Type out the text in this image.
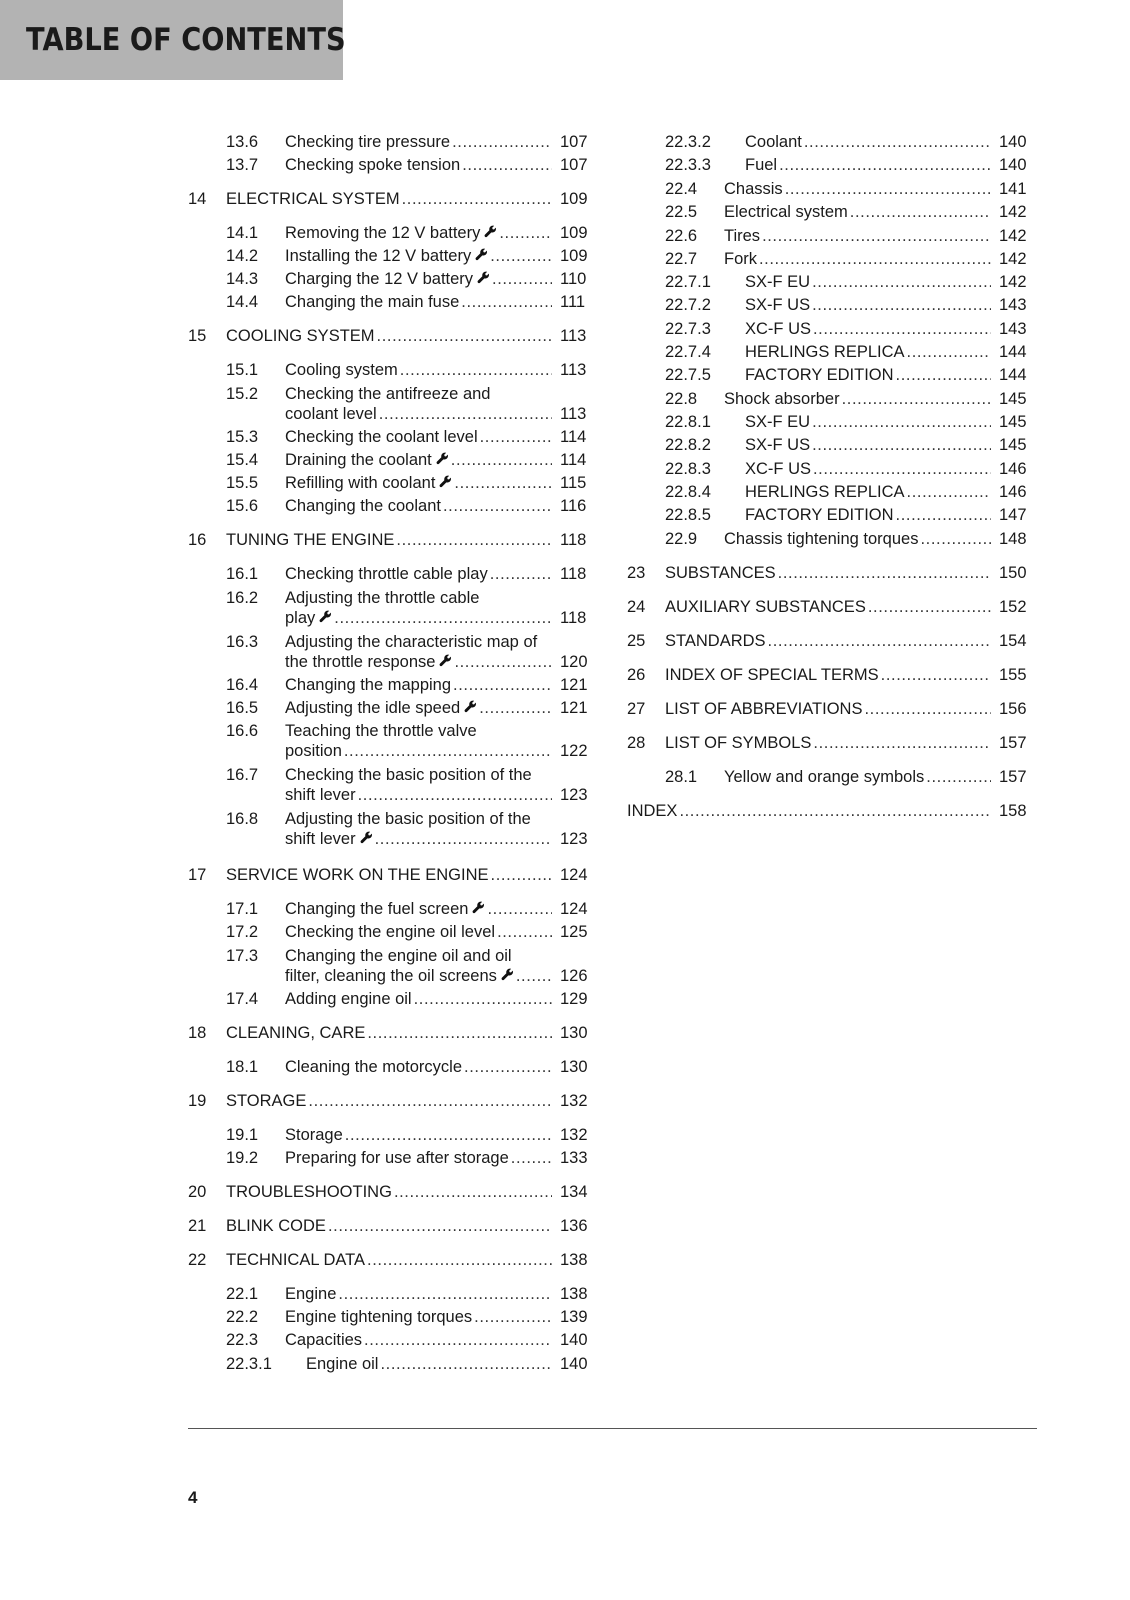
TABLE OF CONTENTS
13.6 Checking tire pressure .....	107
13.7 Checking spoke tension .....	107
14 ELECTRICAL SYSTEM .....	109
14.1 Removing the 12 V battery .....	109
14.2 Installing the 12 V battery .....	109
14.3 Charging the 12 V battery .....	110
14.4 Changing the main fuse .....	111
15 COOLING SYSTEM .....	113
15.1 Cooling system .....	113
15.2 Checking the antifreeze and
coolant level .....	113
15.3 Checking the coolant level .....	114
15.4 Draining the coolant .....	114
15.5 Refilling with coolant .....	115
15.6 Changing the coolant .....	116
16 TUNING THE ENGINE .....	118
16.1 Checking throttle cable play .....	118
16.2 Adjusting the throttle cable
play .....	118
16.3 Adjusting the characteristic map of
the throttle response .....	120
16.4 Changing the mapping .....	121
16.5 Adjusting the idle speed .....	121
16.6 Teaching the throttle valve
position .....	122
16.7 Checking the basic position of the
shift lever .....	123
16.8 Adjusting the basic position of the
shift lever .....	123
17 SERVICE WORK ON THE ENGINE .....	124
17.1 Changing the fuel screen .....	124
17.2 Checking the engine oil level .....	125
17.3 Changing the engine oil and oil
filter, cleaning the oil screens .....	126
17.4 Adding engine oil .....	129
18 CLEANING, CARE .....	130
18.1 Cleaning the motorcycle .....	130
19 STORAGE .....	132
19.1 Storage .....	132
19.2 Preparing for use after storage .....	133
20 TROUBLESHOOTING .....	134
21 BLINK CODE .....	136
22 TECHNICAL DATA .....	138
22.1 Engine .....	138
22.2 Engine tightening torques .....	139
22.3 Capacities .....	140
22.3.1 Engine oil .....	140
22.3.2 Coolant .....	140
22.3.3 Fuel .....	140
22.4 Chassis .....	141
22.5 Electrical system .....	142
22.6 Tires .....	142
22.7 Fork .....	142
22.7.1 SX-F EU .....	142
22.7.2 SX-F US .....	143
22.7.3 XC-F US .....	143
22.7.4 HERLINGS REPLICA .....	144
22.7.5 FACTORY EDITION .....	144
22.8 Shock absorber .....	145
22.8.1 SX-F EU .....	145
22.8.2 SX-F US .....	145
22.8.3 XC-F US .....	146
22.8.4 HERLINGS REPLICA .....	146
22.8.5 FACTORY EDITION .....	147
22.9 Chassis tightening torques .....	148
23 SUBSTANCES .....	150
24 AUXILIARY SUBSTANCES .....	152
25 STANDARDS .....	154
26 INDEX OF SPECIAL TERMS .....	155
27 LIST OF ABBREVIATIONS .....	156
28 LIST OF SYMBOLS .....	157
28.1 Yellow and orange symbols .....	157
INDEX .....	158
4
